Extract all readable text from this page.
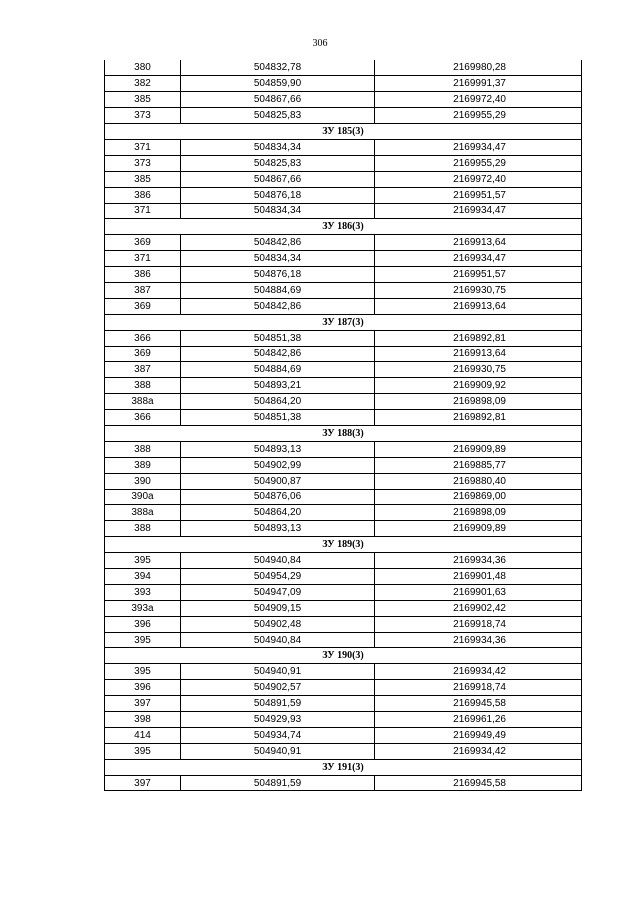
306
380	504832,78	2169980,28
382	504859,90	2169991,37
385	504867,66	2169972,40
373	504825,83	2169955,29
ЗУ 185(3)		
371	504834,34	2169934,47
373	504825,83	2169955,29
385	504867,66	2169972,40
386	504876,18	2169951,57
371	504834,34	2169934,47
ЗУ 186(3)		
369	504842,86	2169913,64
371	504834,34	2169934,47
386	504876,18	2169951,57
387	504884,69	2169930,75
369	504842,86	2169913,64
ЗУ 187(3)		
366	504851,38	2169892,81
369	504842,86	2169913,64
387	504884,69	2169930,75
388	504893,21	2169909,92
388а	504864,20	2169898,09
366	504851,38	2169892,81
ЗУ 188(3)		
388	504893,13	2169909,89
389	504902,99	2169885,77
390	504900,87	2169880,40
390а	504876,06	2169869,00
388а	504864,20	2169898,09
388	504893,13	2169909,89
ЗУ 189(3)		
395	504940,84	2169934,36
394	504954,29	2169901,48
393	504947,09	2169901,63
393а	504909,15	2169902,42
396	504902,48	2169918,74
395	504940,84	2169934,36
ЗУ 190(3)		
395	504940,91	2169934,42
396	504902,57	2169918,74
397	504891,59	2169945,58
398	504929,93	2169961,26
414	504934,74	2169949,49
395	504940,91	2169934,42
ЗУ 191(3)		
397	504891,59	2169945,58
